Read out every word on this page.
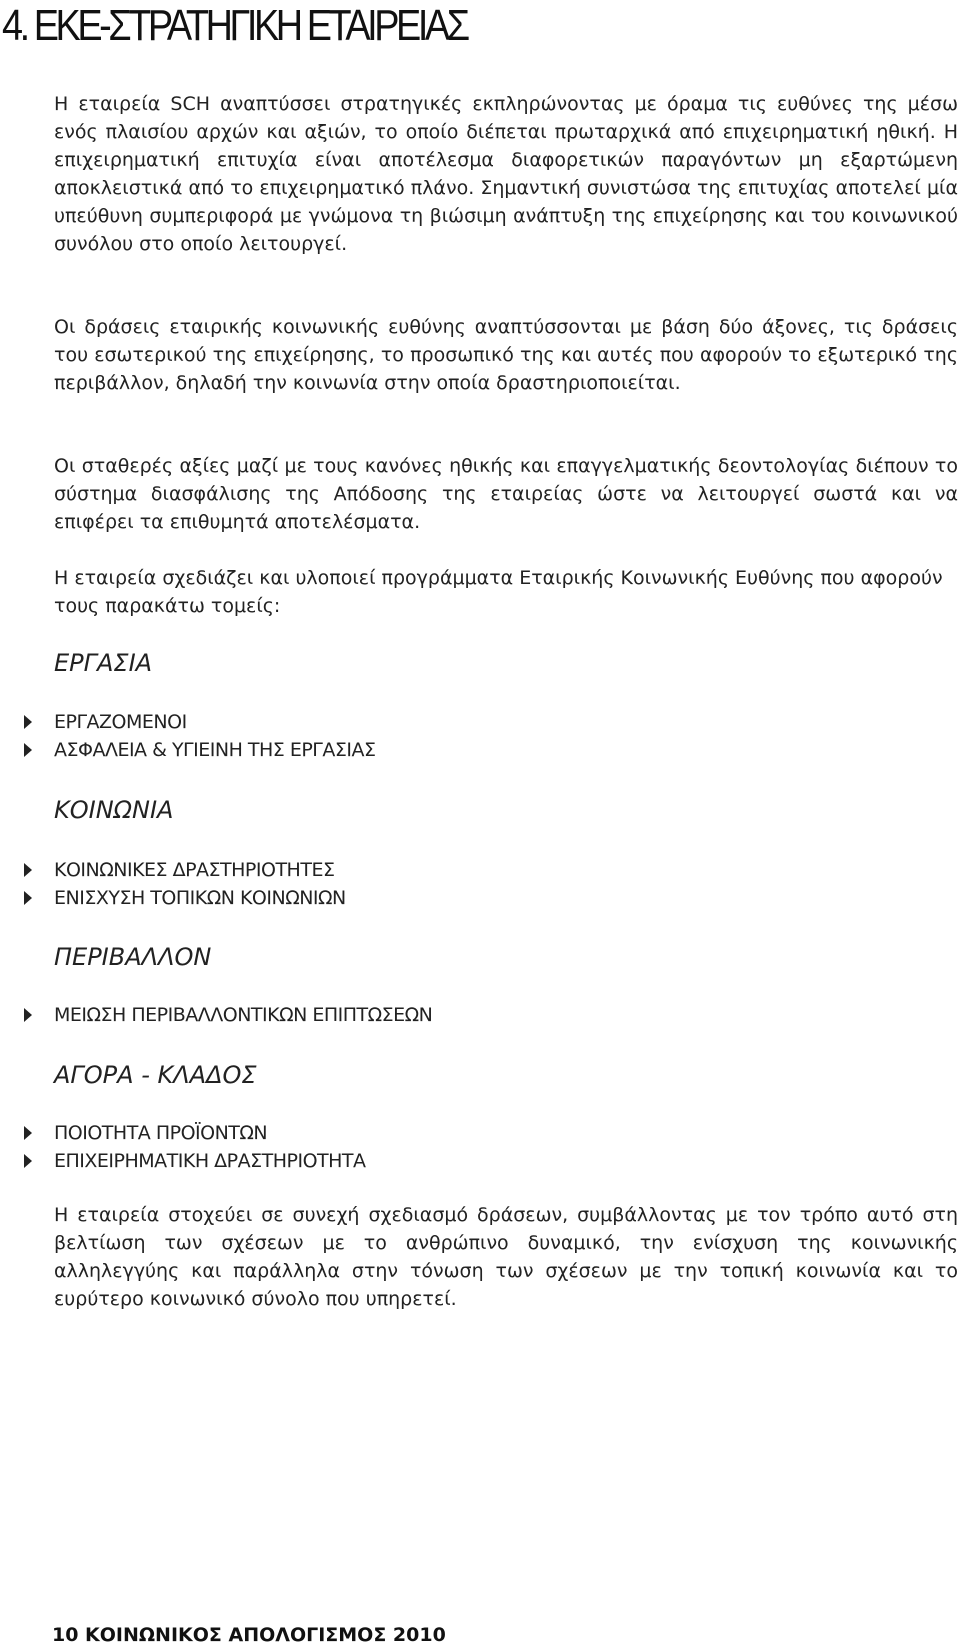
4. ΕΚΕ-ΣΤΡΑΤΗΓΙΚΗ ΕΤΑΙΡΕΙΑΣ

Η εταιρεία SCH αναπτύσσει στρατηγικές εκπληρώνοντας με όραμα τις ευθύνες της μέσω ενός πλαισίου αρχών και αξιών, το οποίο διέπεται πρωταρχικά από επιχειρηματική ηθική. Η επιχειρηματική επιτυχία είναι αποτέλεσμα διαφορετικών παραγόντων μη εξαρτώμενη αποκλειστικά από το επιχειρηματικό πλάνο. Σημαντική συνιστώσα της επιτυχίας αποτελεί μία υπεύθυνη συμπεριφορά με γνώμονα τη βιώσιμη ανάπτυξη της επιχείρησης και του κοινωνικού συνόλου στο οποίο λειτουργεί.

Οι δράσεις εταιρικής κοινωνικής ευθύνης αναπτύσσονται με βάση δύο άξονες, τις δράσεις του εσωτερικού της επιχείρησης, το προσωπικό της και αυτές που αφορούν το εξωτερικό της περιβάλλον, δηλαδή την κοινωνία στην οποία δραστηριοποιείται.

Οι σταθερές αξίες μαζί με τους κανόνες ηθικής και επαγγελματικής δεοντολογίας διέπουν το σύστημα διασφάλισης της Απόδοσης της εταιρείας ώστε να λειτουργεί σωστά και να επιφέρει τα επιθυμητά αποτελέσματα.

Η εταιρεία σχεδιάζει και υλοποιεί προγράμματα Εταιρικής Κοινωνικής Ευθύνης που αφορούν τους παρακάτω τομείς:

ΕΡΓΑΣΙΑ
ΕΡΓΑΖΟΜΕΝΟΙ
ΑΣΦΑΛΕΙΑ & ΥΓΙΕΙΝΗ ΤΗΣ ΕΡΓΑΣΙΑΣ
ΚΟΙΝΩΝΙΑ
ΚΟΙΝΩΝΙΚΕΣ ΔΡΑΣΤΗΡΙΟΤΗΤΕΣ
ΕΝΙΣΧΥΣΗ ΤΟΠΙΚΩΝ ΚΟΙΝΩΝΙΩΝ
ΠΕΡΙΒΑΛΛΟΝ
ΜΕΙΩΣΗ ΠΕΡΙΒΑΛΛΟΝΤΙΚΩΝ ΕΠΙΠΤΩΣΕΩΝ
ΑΓΟΡΑ - ΚΛΑΔΟΣ
ΠΟΙΟΤΗΤΑ ΠΡΟΪΟΝΤΩΝ
ΕΠΙΧΕΙΡΗΜΑΤΙΚΗ ΔΡΑΣΤΗΡΙΟΤΗΤΑ

Η εταιρεία στοχεύει σε συνεχή σχεδιασμό δράσεων, συμβάλλοντας με τον τρόπο αυτό στη βελτίωση των σχέσεων με το ανθρώπινο δυναμικό, την ενίσχυση της κοινωνικής αλληλεγγύης και παράλληλα στην τόνωση των σχέσεων με την τοπική κοινωνία και το ευρύτερο κοινωνικό σύνολο που υπηρετεί.

10 ΚΟΙΝΩΝΙΚΟΣ ΑΠΟΛΟΓΙΣΜΟΣ 2010
